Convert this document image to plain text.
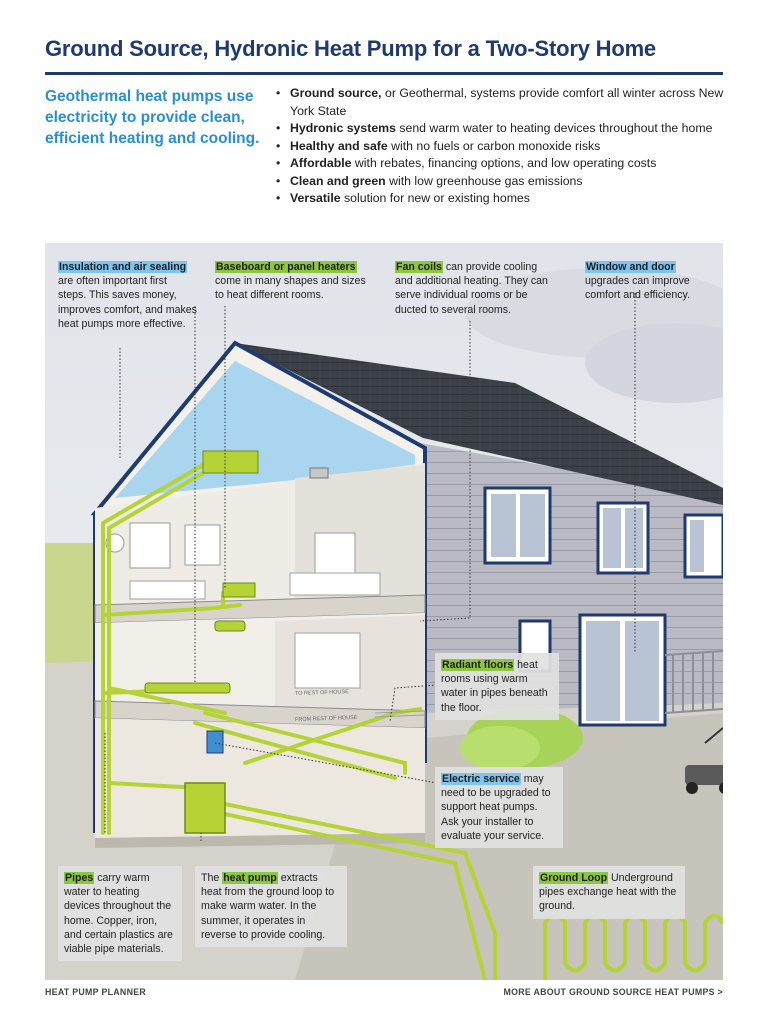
Ground Source, Hydronic Heat Pump for a Two-Story Home
Geothermal heat pumps use electricity to provide clean, efficient heating and cooling.
• Ground source, or Geothermal, systems provide comfort all winter across New York State
• Hydronic systems send warm water to heating devices throughout the home
• Healthy and safe with no fuels or carbon monoxide risks
• Affordable with rebates, financing options, and low operating costs
• Clean and green with low greenhouse gas emissions
• Versatile solution for new or existing homes
TO REST OF HOUSE
FROM REST OF HOUSE
Insulation and air sealing
are often important first steps. This saves money, improves comfort, and makes heat pumps more effective.
Baseboard or panel heaters
come in many shapes and sizes to heat different rooms.
Fan coils can provide cooling and additional heating. They can serve individual rooms or be ducted to several rooms.
Window and door
upgrades can improve comfort and efficiency.
Radiant floors heat rooms using warm water in pipes beneath the floor.
Electric service may need to be upgraded to support heat pumps. Ask your installer to evaluate your service.
Pipes carry warm water to heating devices throughout the home. Copper, iron, and certain plastics are viable pipe materials.
The heat pump extracts heat from the ground loop to make warm water. In the summer, it operates in reverse to provide cooling.
Ground Loop Underground pipes exchange heat with the ground.
HEAT PUMP PLANNER	MORE ABOUT GROUND SOURCE HEAT PUMPS >
